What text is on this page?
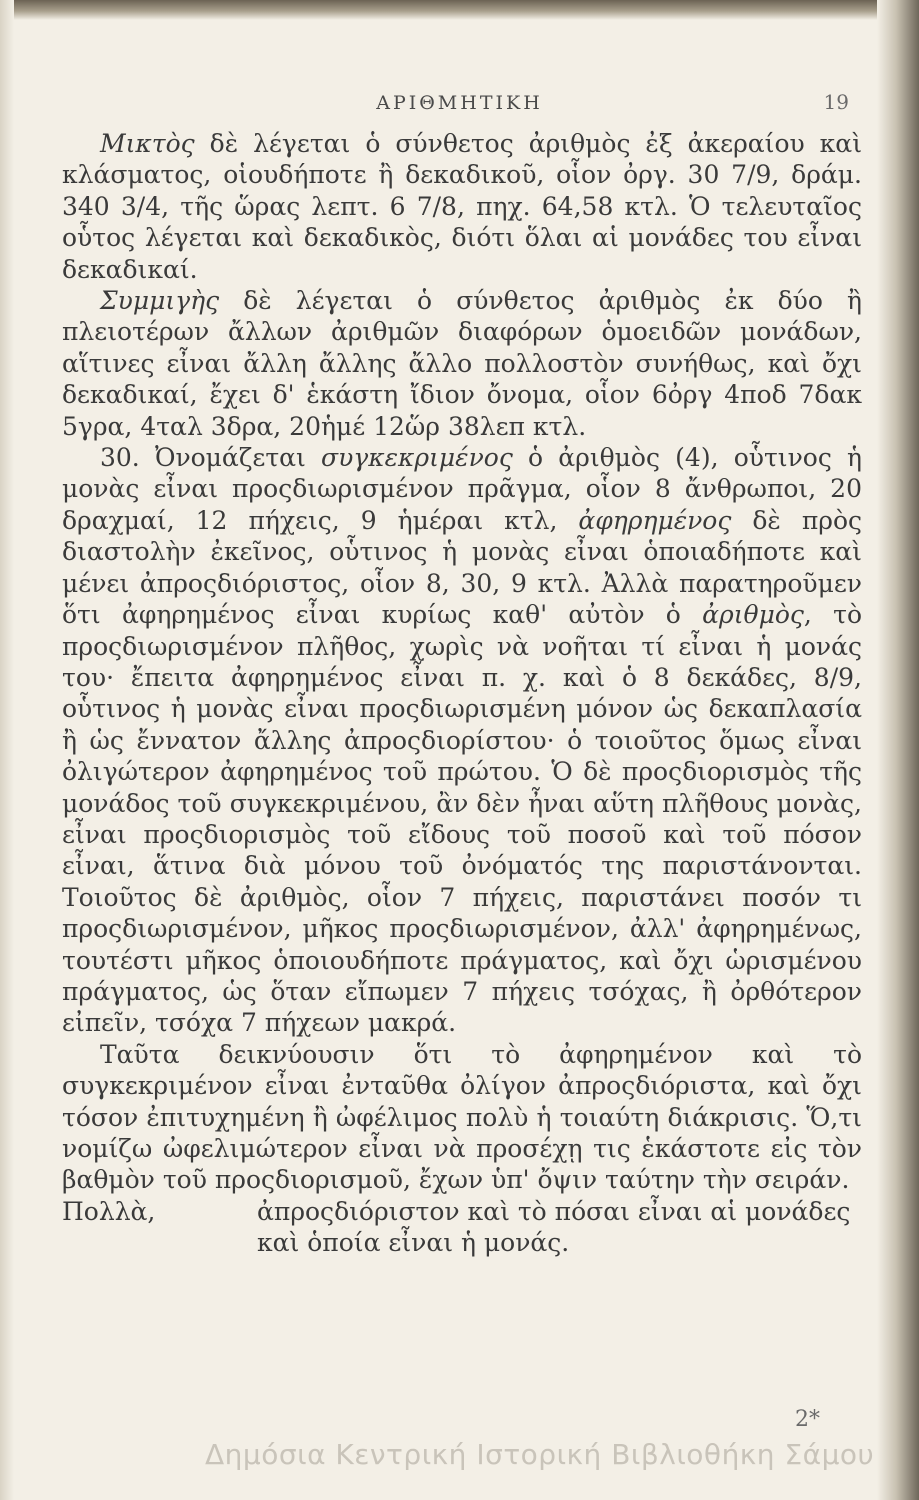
ΑΡΙΘΜΗΤΙΚΗ	19

Μικτὸς δὲ λέγεται ὁ σύνθετος ἀριθμὸς ἐξ ἀκεραίου καὶ κλάσματος, οἱουδήποτε ἢ δεκαδικοῦ, οἷον ὀργ. 30 7/9, δράμ. 340 3/4, τῆς ὥρας λεπτ. 6 7/8, πηχ. 64,58 κτλ. Ὁ τελευταῖος οὗτος λέγεται καὶ δεκαδικὸς, διότι ὅλαι αἱ μονάδες του εἶναι δεκαδικαί.

Συμμιγὴς δὲ λέγεται ὁ σύνθετος ἀριθμὸς ἐκ δύο ἢ πλειοτέρων ἄλλων ἀριθμῶν διαφόρων ὁμοειδῶν μονάδων, αἵτινες εἶναι ἄλλη ἄλλης ἄλλο πολλοστὸν συνήθως, καὶ ὄχι δεκαδικαί, ἔχει δ' ἑκάστη ἴδιον ὄνομα, οἷον 6ὀργ 4ποδ 7δακ 5γρα, 4ταλ 3δρα, 20ἡμέ 12ὥρ 38λεπ κτλ.

30. Ὀνομάζεται συγκεκριμένος ὁ ἀριθμὸς (4), οὗτινος ἡ μονὰς εἶναι προςδιωρισμένον πρᾶγμα, οἷον 8 ἄνθρωποι, 20 δραχμαί, 12 πήχεις, 9 ἡμέραι κτλ, ἀφηρημένος δὲ πρὸς διαστολὴν ἐκεῖνος, οὗτινος ἡ μονὰς εἶναι ὁποιαδήποτε καὶ μένει ἀπροςδιόριστος, οἷον 8, 30, 9 κτλ. Ἀλλὰ παρατηροῦμεν ὅτι ἀφηρημένος εἶναι κυρίως καθ' αὐτὸν ὁ ἀριθμὸς, τὸ προςδιωρισμένον πλῆθος, χωρὶς νὰ νοῆται τί εἶναι ἡ μονάς του· ἔπειτα ἀφηρημένος εἶναι π. χ. καὶ ὁ 8 δεκάδες, 8/9, οὗτινος ἡ μονὰς εἶναι προςδιωρισμένη μόνον ὡς δεκαπλασία ἢ ὡς ἔννατον ἄλλης ἀπροςδιορίστου· ὁ τοιοῦτος ὅμως εἶναι ὀλιγώτερον ἀφηρημένος τοῦ πρώτου. Ὁ δὲ προςδιορισμὸς τῆς μονάδος τοῦ συγκεκριμένου, ἂν δὲν ἦναι αὕτη πλῆθους μονὰς, εἶναι προςδιορισμὸς τοῦ εἴδους τοῦ ποσοῦ καὶ τοῦ πόσον εἶναι, ἅτινα διὰ μόνου τοῦ ὀνόματός της παριστάνονται. Τοιοῦτος δὲ ἀριθμὸς, οἷον 7 πήχεις, παριστάνει ποσόν τι προςδιωρισμένον, μῆκος προςδιωρισμένον, ἀλλ' ἀφηρημένως, τουτέστι μῆκος ὁποιουδήποτε πράγματος, καὶ ὄχι ὡρισμένου πράγματος, ὡς ὅταν εἴπωμεν 7 πήχεις τσόχας, ἢ ὀρθότερον εἰπεῖν, τσόχα 7 πήχεων μακρά.

Ταῦτα δεικνύουσιν ὅτι τὸ ἀφηρημένον καὶ τὸ συγκεκριμένον εἶναι ἐνταῦθα ὀλίγον ἀπροςδιόριστα, καὶ ὄχι τόσον ἐπιτυχημένη ἢ ὠφέλιμος πολὺ ἡ τοιαύτη διάκρισις. Ὅ,τι νομίζω ὠφελιμώτερον εἶναι νὰ προσέχῃ τις ἑκάστοτε εἰς τὸν βαθμὸν τοῦ προςδιορισμοῦ, ἔχων ὑπ' ὄψιν ταύτην τὴν σειράν.

Πολλὰ,	ἀπροςδιόριστον καὶ τὸ πόσαι εἶναι αἱ μονάδες
καὶ ὁποία εἶναι ἡ μονάς.
2*
Δημόσια Κεντρική Ιστορική Βιβλιοθήκη Σάμου
